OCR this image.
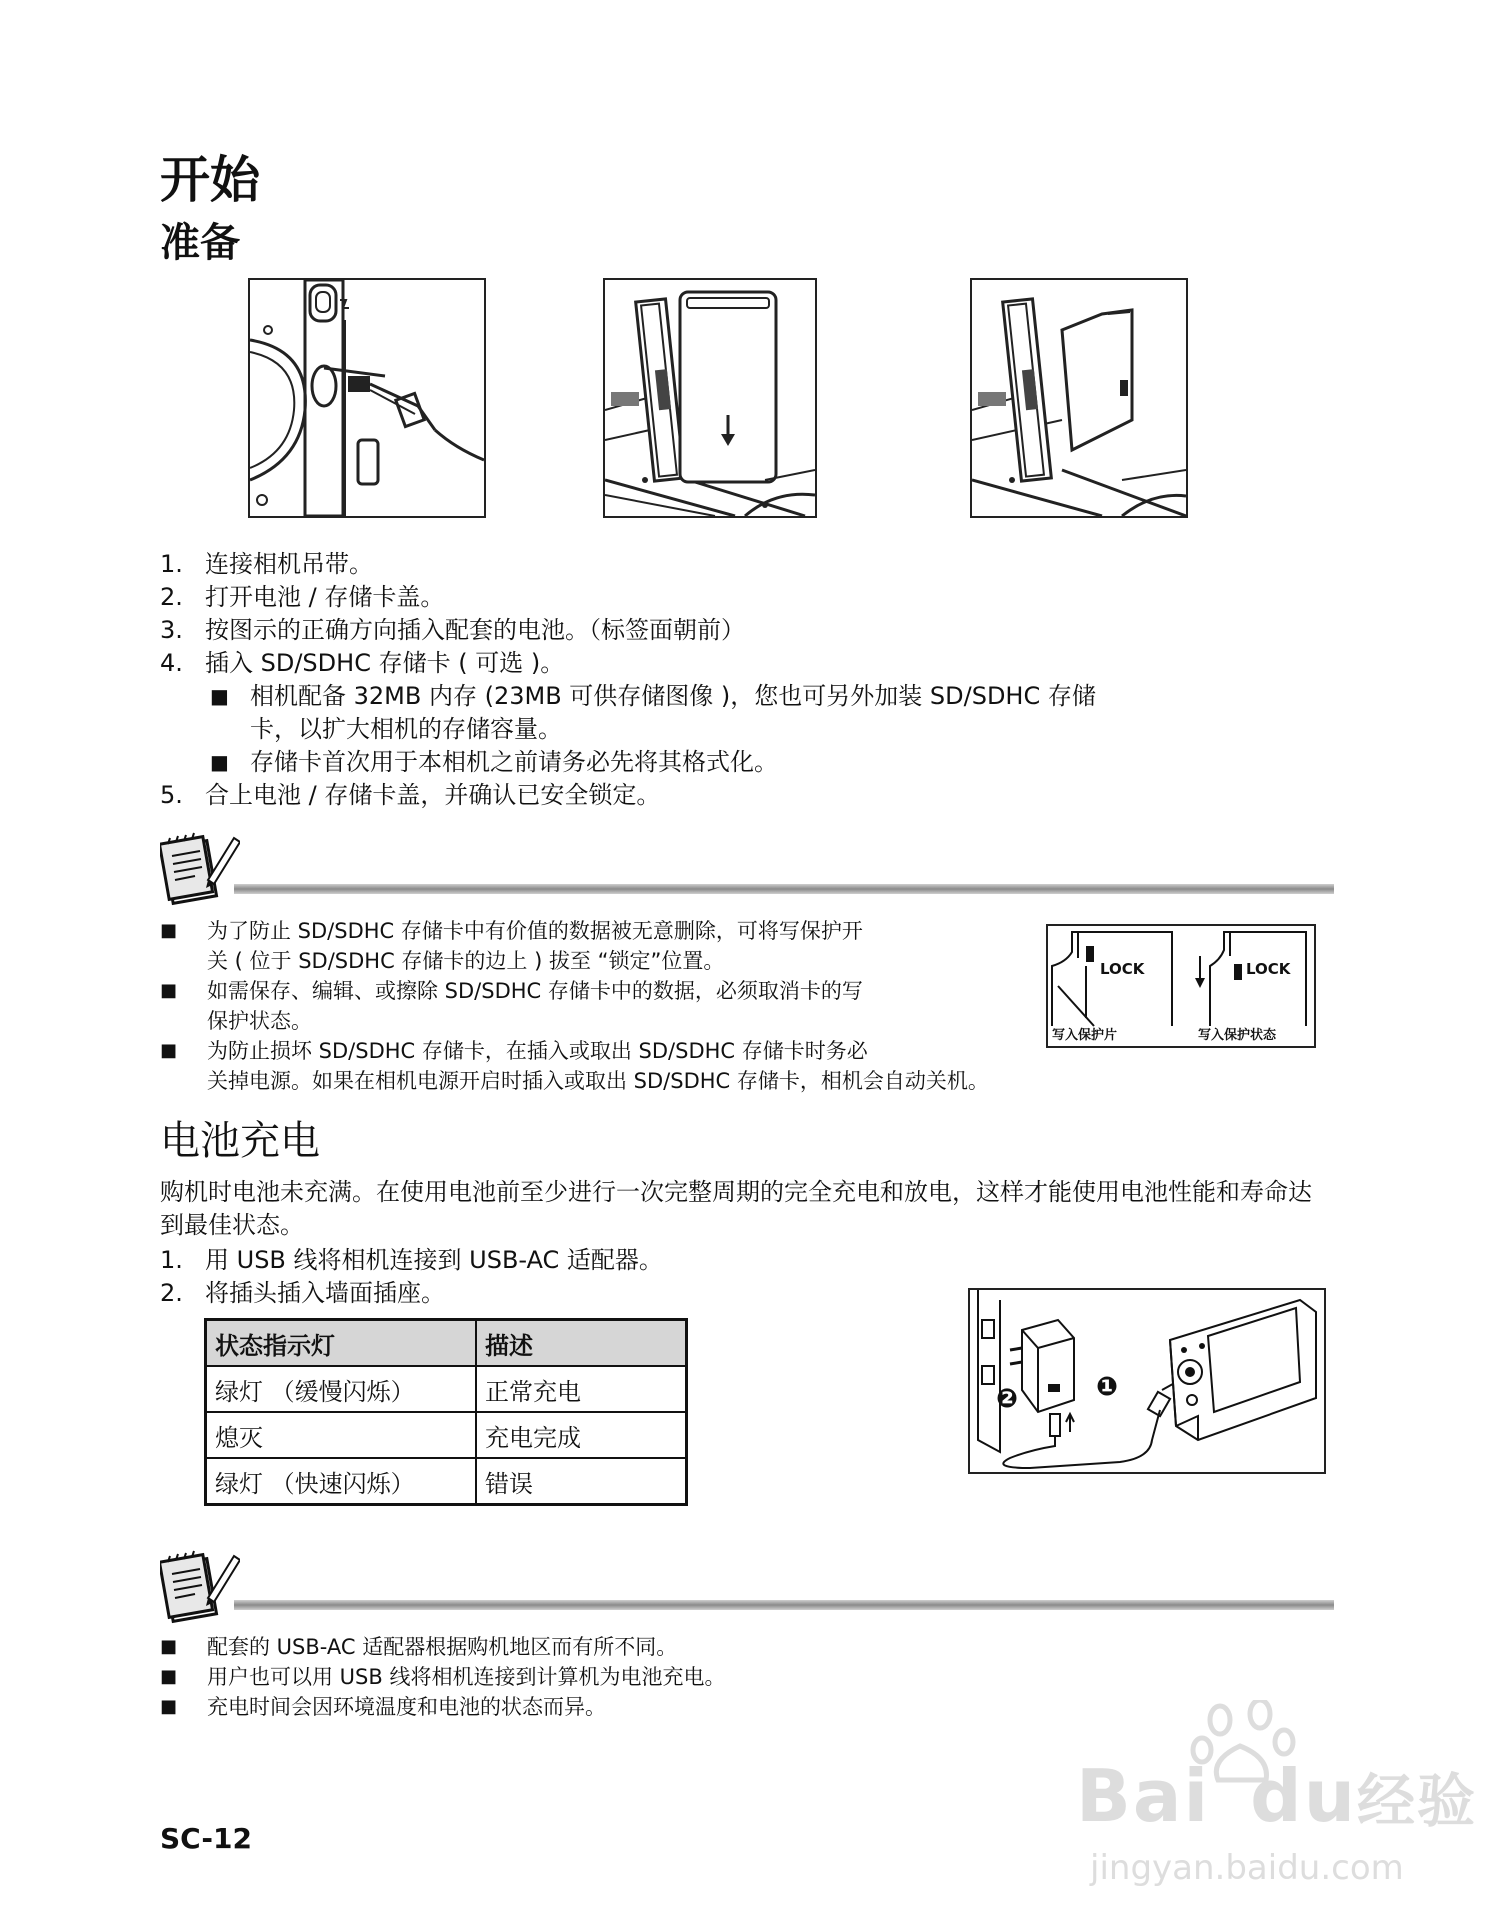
开始
准备
1. 连接相机吊带。
2. 打开电池 / 存储卡盖。
3. 按图示的正确方向插入配套的电池。（标签面朝前）
4. 插入 SD/SDHC 存储卡 ( 可选 )。
■ 相机配备 32MB 内存 (23MB 可供存储图像 )，您也可另外加装 SD/SDHC 存储
卡，以扩大相机的存储容量。
■ 存储卡首次用于本相机之前请务必先将其格式化。
5. 合上电池 / 存储卡盖，并确认已安全锁定。
■ 为了防止 SD/SDHC 存储卡中有价值的数据被无意删除，可将写保护开
关 ( 位于 SD/SDHC 存储卡的边上 ) 拔至 “锁定”位置。
■ 如需保存、编辑、或擦除 SD/SDHC 存储卡中的数据，必须取消卡的写
保护状态。
■ 为防止损坏 SD/SDHC 存储卡，在插入或取出 SD/SDHC 存储卡时务必
关掉电源。如果在相机电源开启时插入或取出 SD/SDHC 存储卡，相机会自动关机。
LOCK	LOCK
写入保护片	写入保护状态
电池充电
购机时电池未充满。在使用电池前至少进行一次完整周期的完全充电和放电，这样才能使用电池性能和寿命达到最佳状态。
1. 用 USB 线将相机连接到 USB-AC 适配器。
2. 将插头插入墙面插座。
状态指示灯	描述
绿灯 （缓慢闪烁）	正常充电
熄灭	充电完成
绿灯 （快速闪烁）	错误
❷	❶
■ 配套的 USB-AC 适配器根据购机地区而有所不同。
■ 用户也可以用 USB 线将相机连接到计算机为电池充电。
■ 充电时间会因环境温度和电池的状态而异。
SC-12
Bai du经验
jingyan.baidu.com
